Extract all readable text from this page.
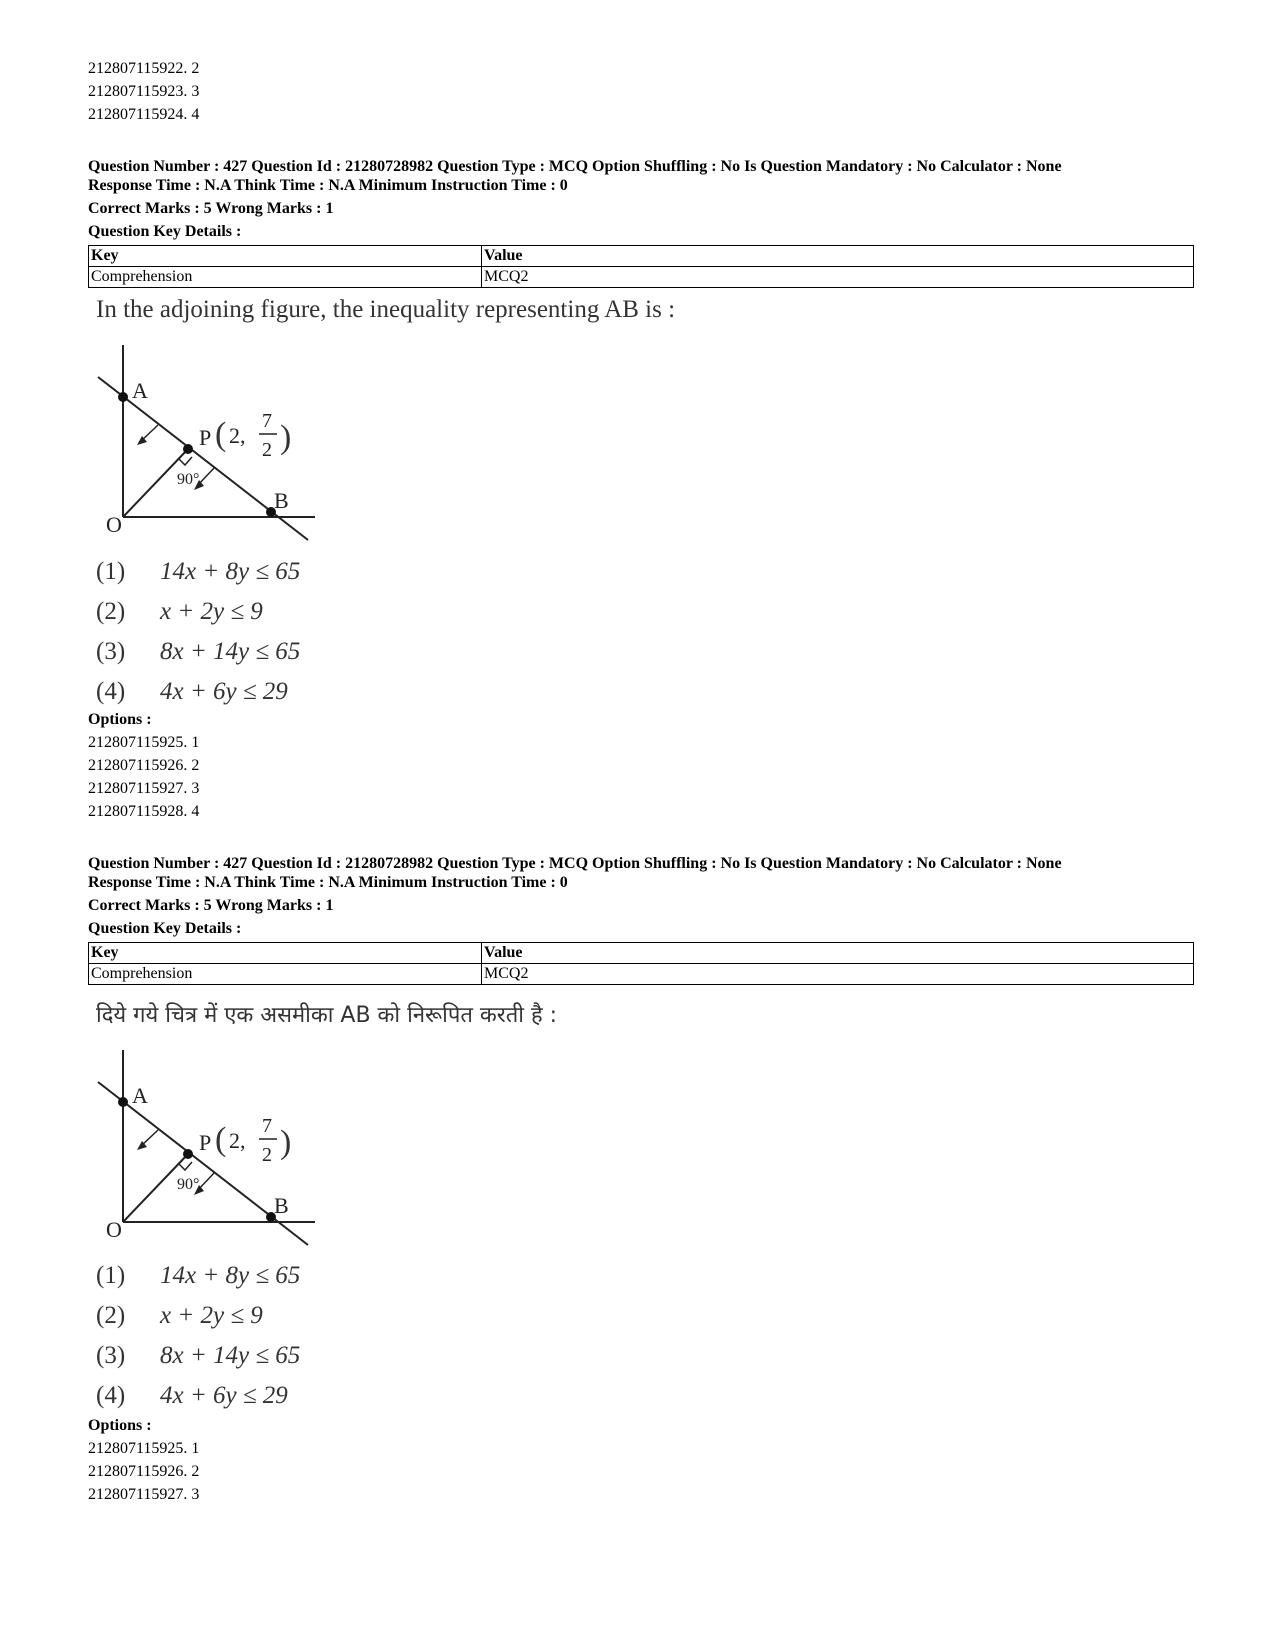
212807115922. 2
212807115923. 3
212807115924. 4
Question Number : 427 Question Id : 21280728982 Question Type : MCQ Option Shuffling : No Is Question Mandatory : No Calculator : None
Response Time : N.A Think Time : N.A Minimum Instruction Time : 0
Correct Marks : 5 Wrong Marks : 1
Question Key Details :
Key	Value
Comprehension	MCQ2
In the adjoining figure, the inequality representing AB is :
A
P ( 2,
7
2 )
90°
B
O
(1) 14x + 8y ≤ 65
(2) x + 2y ≤ 9
(3) 8x + 14y ≤ 65
(4) 4x + 6y ≤ 29
Options :
212807115925. 1
212807115926. 2
212807115927. 3
212807115928. 4
Question Number : 427 Question Id : 21280728982 Question Type : MCQ Option Shuffling : No Is Question Mandatory : No Calculator : None
Response Time : N.A Think Time : N.A Minimum Instruction Time : 0
Correct Marks : 5 Wrong Marks : 1
Question Key Details :
Key	Value
Comprehension	MCQ2
दिये गये चित्र में एक असमीका AB को निरूपित करती है :
A
P ( 2,
7
2 )
90°
B
O
(1) 14x + 8y ≤ 65
(2) x + 2y ≤ 9
(3) 8x + 14y ≤ 65
(4) 4x + 6y ≤ 29
Options :
212807115925. 1
212807115926. 2
212807115927. 3
